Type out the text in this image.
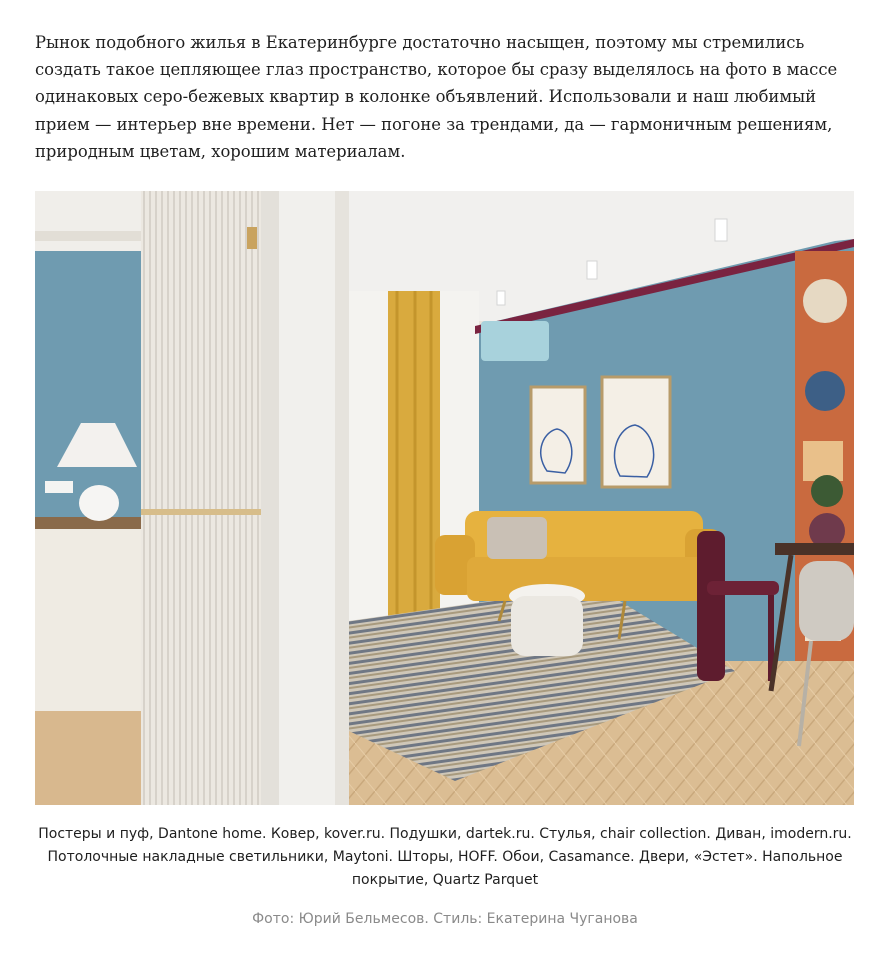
Рынок подобного жилья в Екатеринбурге достаточно насыщен, поэтому мы стремились создать такое цепляющее глаз пространство, которое бы сразу выделялось на фото в массе одинаковых серо-бежевых квартир в колонке объявлений. Использовали и наш любимый прием — интерьер вне времени. Нет — погоне за трендами, да — гармоничным решениям, природным цветам, хорошим материалам.

Постеры и пуф, Dantone home. Ковер, kover.ru. Подушки, dartek.ru. Стулья, chair collection. Диван, imodern.ru. Потолочные накладные светильники, Maytoni. Шторы, HOFF. Обои, Casamance. Двери, «Эстет». Напольное покрытие, Quartz Parquet

Фото: Юрий Бельмесов. Стиль: Екатерина Чуганова
